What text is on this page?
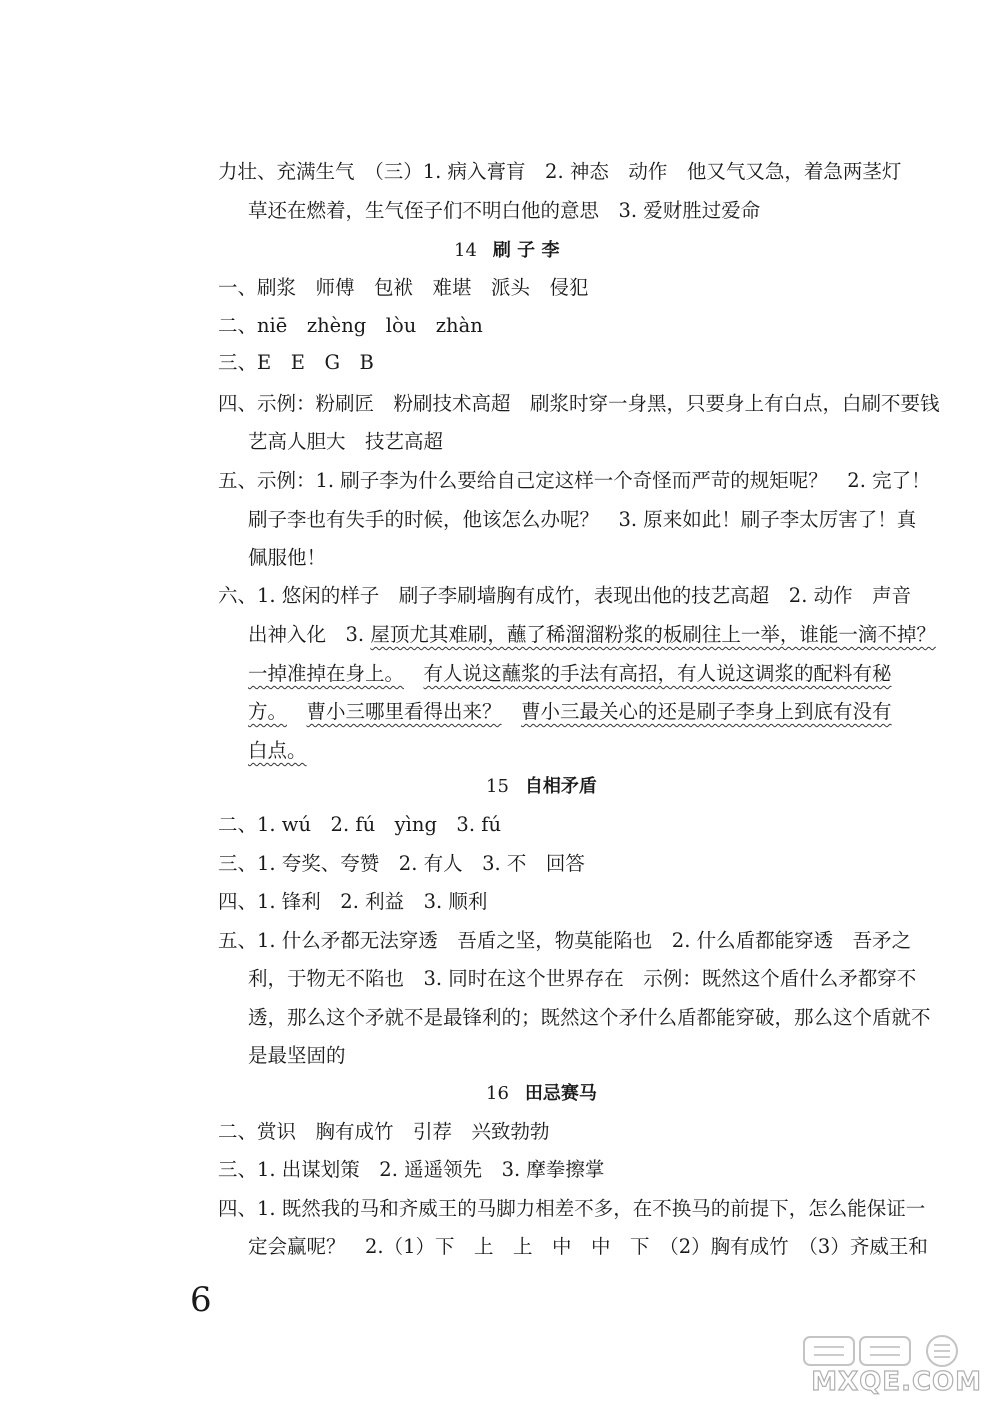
力壮、充满生气　（三）1. 病入膏肓　2. 神态　动作　他又气又急，着急两茎灯
草还在燃着，生气侄子们不明白他的意思　3. 爱财胜过爱命
14 刷 子 李
一、刷浆　师傅　包袱　难堪　派头　侵犯
二、niē　zhèng　lòu　zhàn
三、E　E　G　B
四、示例：粉刷匠　粉刷技术高超　刷浆时穿一身黑，只要身上有白点，白刷不要钱
艺高人胆大　技艺高超
五、示例：1. 刷子李为什么要给自己定这样一个奇怪而严苛的规矩呢？　2. 完了！
刷子李也有失手的时候，他该怎么办呢？　3. 原来如此！刷子李太厉害了！真
佩服他！
六、1. 悠闲的样子　刷子李刷墙胸有成竹，表现出他的技艺高超　2. 动作　声音
出神入化　3. 屋顶尤其难刷，蘸了稀溜溜粉浆的板刷往上一举，谁能一滴不掉？
一掉准掉在身上。  有人说这蘸浆的手法有高招，有人说这调浆的配料有秘
方。  曹小三哪里看得出来？  曹小三最关心的还是刷子李身上到底有没有
白点。
15 自相矛盾
二、1. wú　2. fú　yìng　3. fú
三、1. 夸奖、夸赞　2. 有人　3. 不　回答
四、1. 锋利　2. 利益　3. 顺利
五、1. 什么矛都无法穿透　吾盾之坚，物莫能陷也　2. 什么盾都能穿透　吾矛之
利，于物无不陷也　3. 同时在这个世界存在　示例：既然这个盾什么矛都穿不
透，那么这个矛就不是最锋利的；既然这个矛什么盾都能穿破，那么这个盾就不
是最坚固的
16 田忌赛马
二、赏识　胸有成竹　引荐　兴致勃勃
三、1. 出谋划策　2. 遥遥领先　3. 摩拳擦掌
四、1. 既然我的马和齐威王的马脚力相差不多，在不换马的前提下，怎么能保证一
定会赢呢？　2.（1）下　上　上　中　中　下　（2）胸有成竹　（3）齐威王和
6
MXQE.COM
